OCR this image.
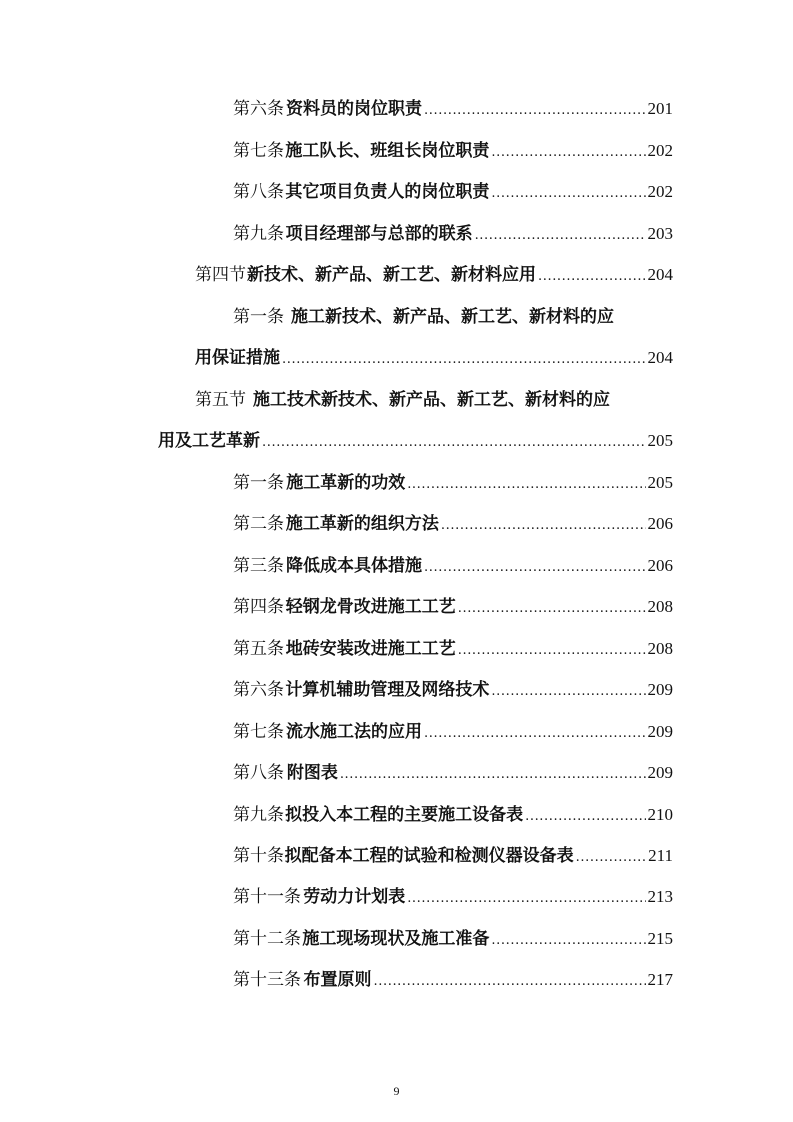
第六条 资料员的岗位职责 .....	201
第七条 施工队长、班组长岗位职责 .....	202
第八条 其它项目负责人的岗位职责 .....	202
第九条 项目经理部与总部的联系 .....	203
第四节 新技术、新产品、新工艺、新材料应用 .....	204
第一条 施工新技术、新产品、新工艺、新材料的应
用保证措施 .....	204
第五节 施工技术新技术、新产品、新工艺、新材料的应
用及工艺革新 .....	205
第一条 施工革新的功效 .....	205
第二条 施工革新的组织方法 .....	206
第三条 降低成本具体措施 .....	206
第四条 轻钢龙骨改进施工工艺 .....	208
第五条 地砖安装改进施工工艺 .....	208
第六条 计算机辅助管理及网络技术 .....	209
第七条 流水施工法的应用 .....	209
第八条 附图表 .....	209
第九条 拟投入本工程的主要施工设备表 .....	210
第十条 拟配备本工程的试验和检测仪器设备表 .....	211
第十一条 劳动力计划表 .....	213
第十二条 施工现场现状及施工准备 .....	215
第十三条 布置原则 .....	217
9
